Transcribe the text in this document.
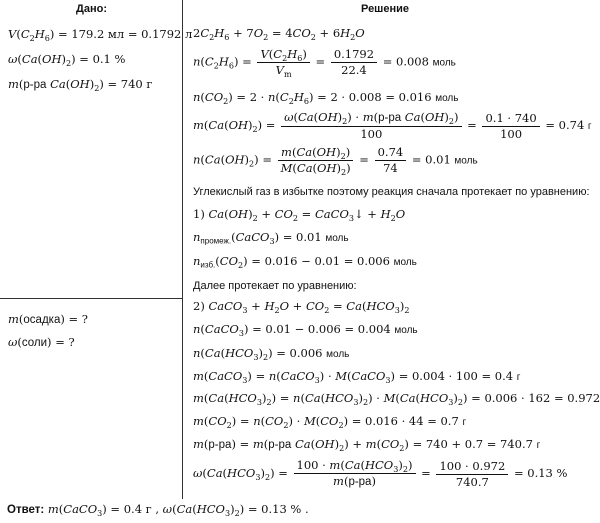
Дано:	Решение
$V(C_2H_6) = 179.2$ мл = 0.1792 л
$\omega(Ca(OH)_2) = 0.1$ %
m(р-ра $Ca(OH)_2) = 740$ г
m(осадка) = ?
ω(соли) = ?
$2C_2H_6 + 7O_2 = 4CO_2 + 6H_2O$
$n(C_2H_6) = \frac{V(C_2H_6)}{V_m} = \frac{0.1792}{22.4} = 0.008$ моль
$n(CO_2) = 2 \cdot n(C_2H_6) = 2 \cdot 0.008 = 0.016$ моль
$m(Ca(OH)_2) = \frac{\omega(Ca(OH)_2) \cdot m(р-ра Ca(OH)_2)}{100} = \frac{0.1 \cdot 740}{100} = 0.74$ г
$n(Ca(OH)_2) = \frac{m(Ca(OH)_2)}{M(Ca(OH)_2)} = \frac{0.74}{74} = 0.01$ моль
Углекислый газ в избытке поэтому реакция сначала протекает по уравнению:
1) $Ca(OH)_2 + CO_2$ = CaCO$_3$↓ + $H_2O$
$n_{промеж.}(CaCO_3) = 0.01$ моль
$n_{изб.}(CO_2) = 0.016 - 0.01 = 0.006$ моль
Далее протекает по уравнению:
2) CaCO$_3$ + $H_2O + CO_2 = Ca(HCO_3)_2$
n(CaCO$_3$) = 0.01 − 0.006 = 0.004 моль
$n(Ca(HCO_3)_2) = 0.006$ моль
m(CaCO$_3$) = n(CaCO$_3$) · M(CaCO$_3$) = 0.004 · 100 = 0.4 г
$m(Ca(HCO_3)_2) = n(Ca(HCO_3)_2) \cdot M(Ca(HCO_3)_2) = 0.006 \cdot 162 = 0.972$
$m(CO_2) = n(CO_2) \cdot M(CO_2) = 0.016 \cdot 44 = 0.7$ г
m(р-ра) = m(р-ра $Ca(OH)_2) + m(CO_2) = 740 + 0.7 = 740.7$ г
$\omega(Ca(HCO_3)_2) = \frac{100 \cdot m(Ca(HCO_3)_2)}{m(р-ра)} = \frac{100 \cdot 0.972}{740.7} = 0.13$ %
Ответ: m(CaCO$_3$) = 0.4 г , $\omega(Ca(HCO_3)_2) = 0.13$ % .
